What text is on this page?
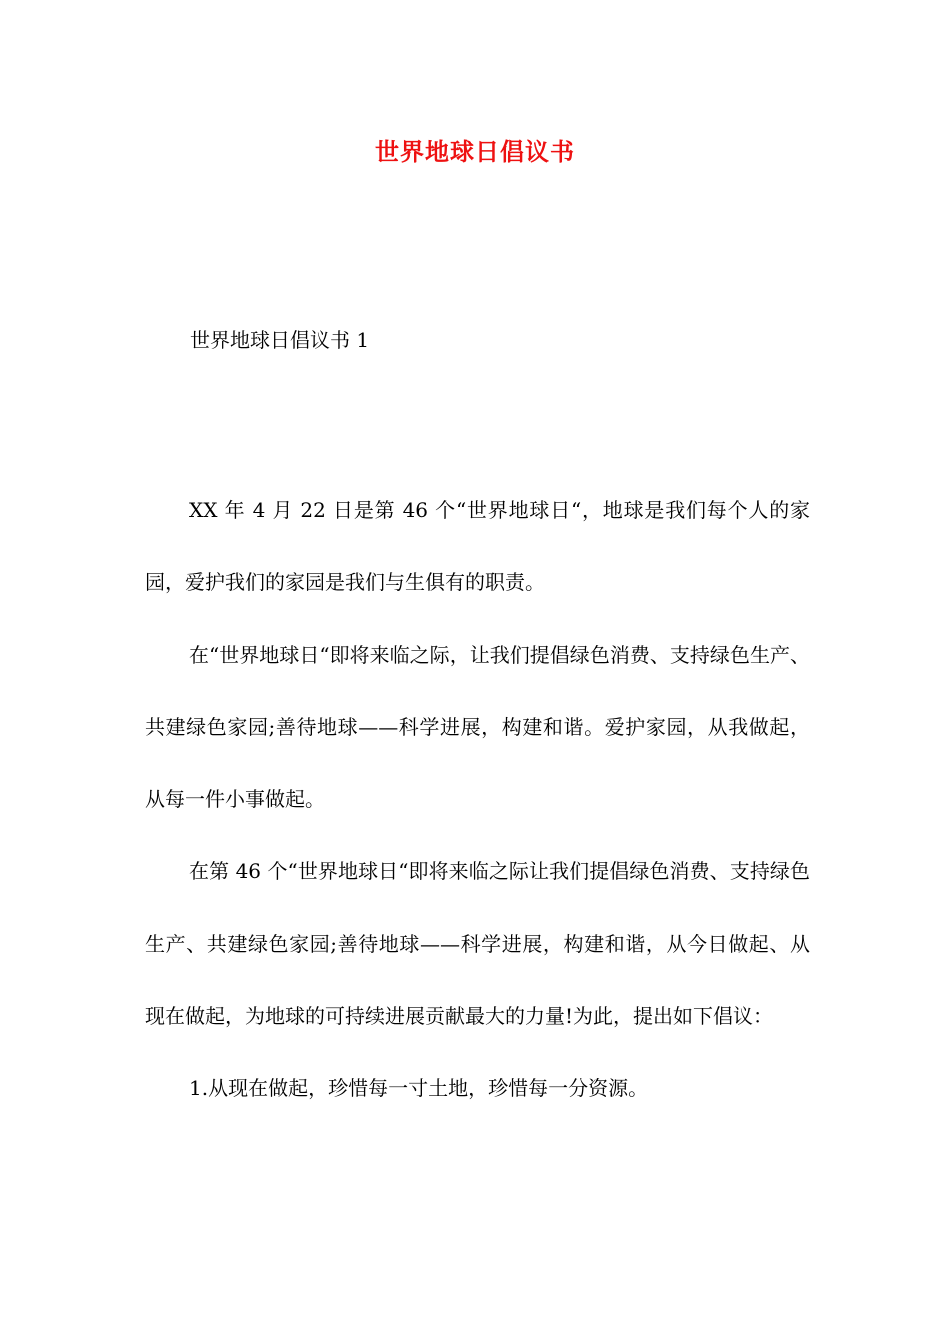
世界地球日倡议书
世界地球日倡议书 1

XX 年 4 月 22 日是第 46 个“世界地球日“，地球是我们每个人的家园，爱护我们的家园是我们与生俱有的职责。

在“世界地球日“即将来临之际，让我们提倡绿色消费、支持绿色生产、共建绿色家园;善待地球——科学进展，构建和谐。爱护家园，从我做起，从每一件小事做起。

在第 46 个“世界地球日“即将来临之际让我们提倡绿色消费、支持绿色生产、共建绿色家园;善待地球——科学进展，构建和谐，从今日做起、从现在做起，为地球的可持续进展贡献最大的力量!为此，提出如下倡议：

1.从现在做起，珍惜每一寸土地，珍惜每一分资源。
